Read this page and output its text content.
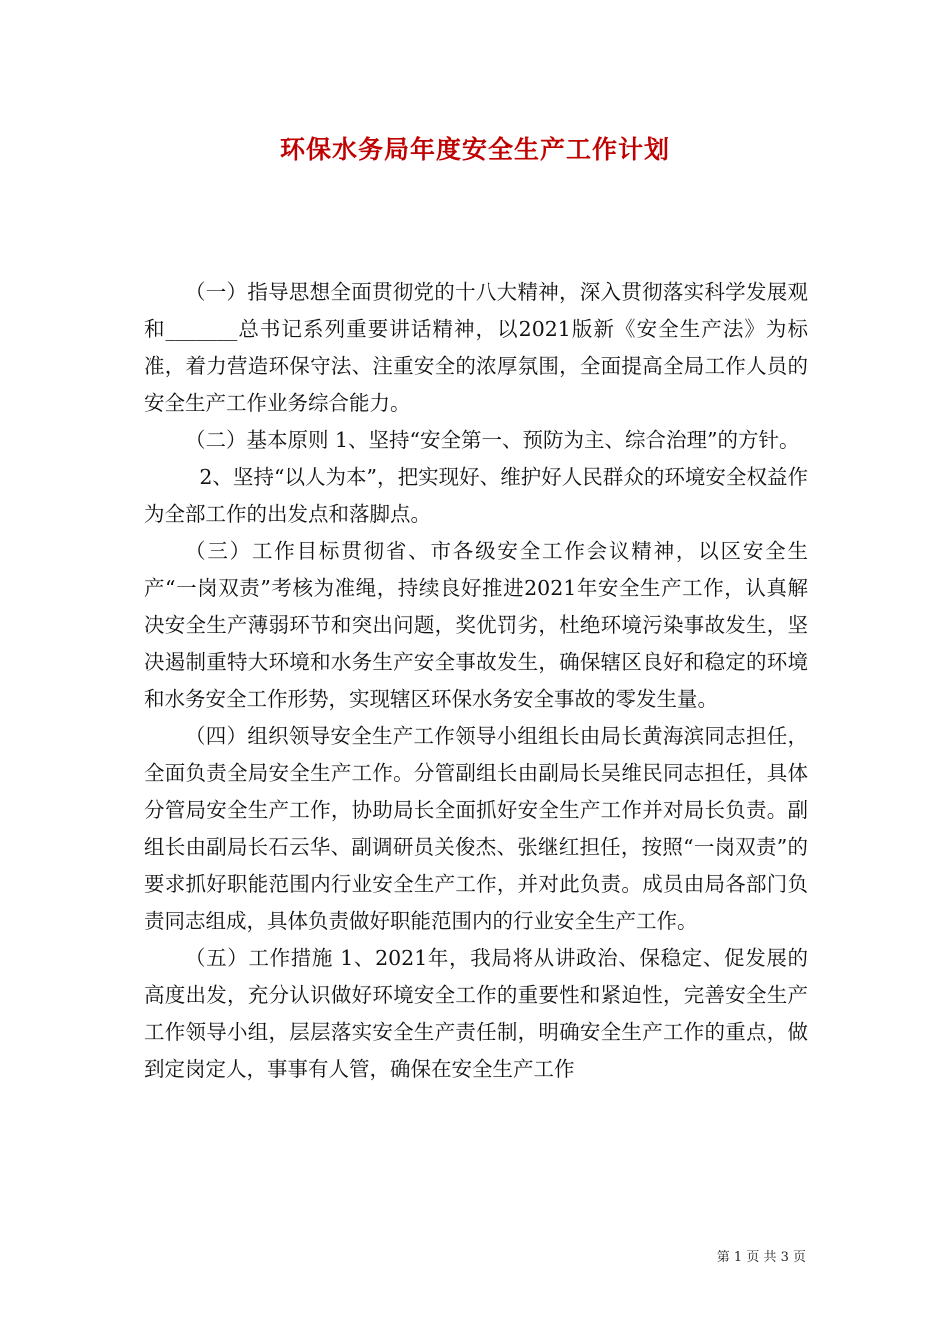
环保水务局年度安全生产工作计划

（一）指导思想全面贯彻党的十八大精神，深入贯彻落实科学发展观和_______总书记系列重要讲话精神，以2021版新《安全生产法》为标准，着力营造环保守法、注重安全的浓厚氛围，全面提高全局工作人员的安全生产工作业务综合能力。

（二）基本原则 1、坚持“安全第一、预防为主、综合治理”的方针。

2、坚持“以人为本”，把实现好、维护好人民群众的环境安全权益作为全部工作的出发点和落脚点。

（三）工作目标贯彻省、市各级安全工作会议精神，以区安全生产“一岗双责”考核为准绳，持续良好推进2021年安全生产工作，认真解决安全生产薄弱环节和突出问题，奖优罚劣，杜绝环境污染事故发生，坚决遏制重特大环境和水务生产安全事故发生，确保辖区良好和稳定的环境和水务安全工作形势，实现辖区环保水务安全事故的零发生量。

（四）组织领导安全生产工作领导小组组长由局长黄海滨同志担任，全面负责全局安全生产工作。分管副组长由副局长吴维民同志担任，具体分管局安全生产工作，协助局长全面抓好安全生产工作并对局长负责。副组长由副局长石云华、副调研员关俊杰、张继红担任，按照“一岗双责”的要求抓好职能范围内行业安全生产工作，并对此负责。成员由局各部门负责同志组成，具体负责做好职能范围内的行业安全生产工作。

（五）工作措施 1、2021年，我局将从讲政治、保稳定、促发展的高度出发，充分认识做好环境安全工作的重要性和紧迫性，完善安全生产工作领导小组，层层落实安全生产责任制，明确安全生产工作的重点，做到定岗定人，事事有人管，确保在安全生产工作

第 1 页 共 3 页
